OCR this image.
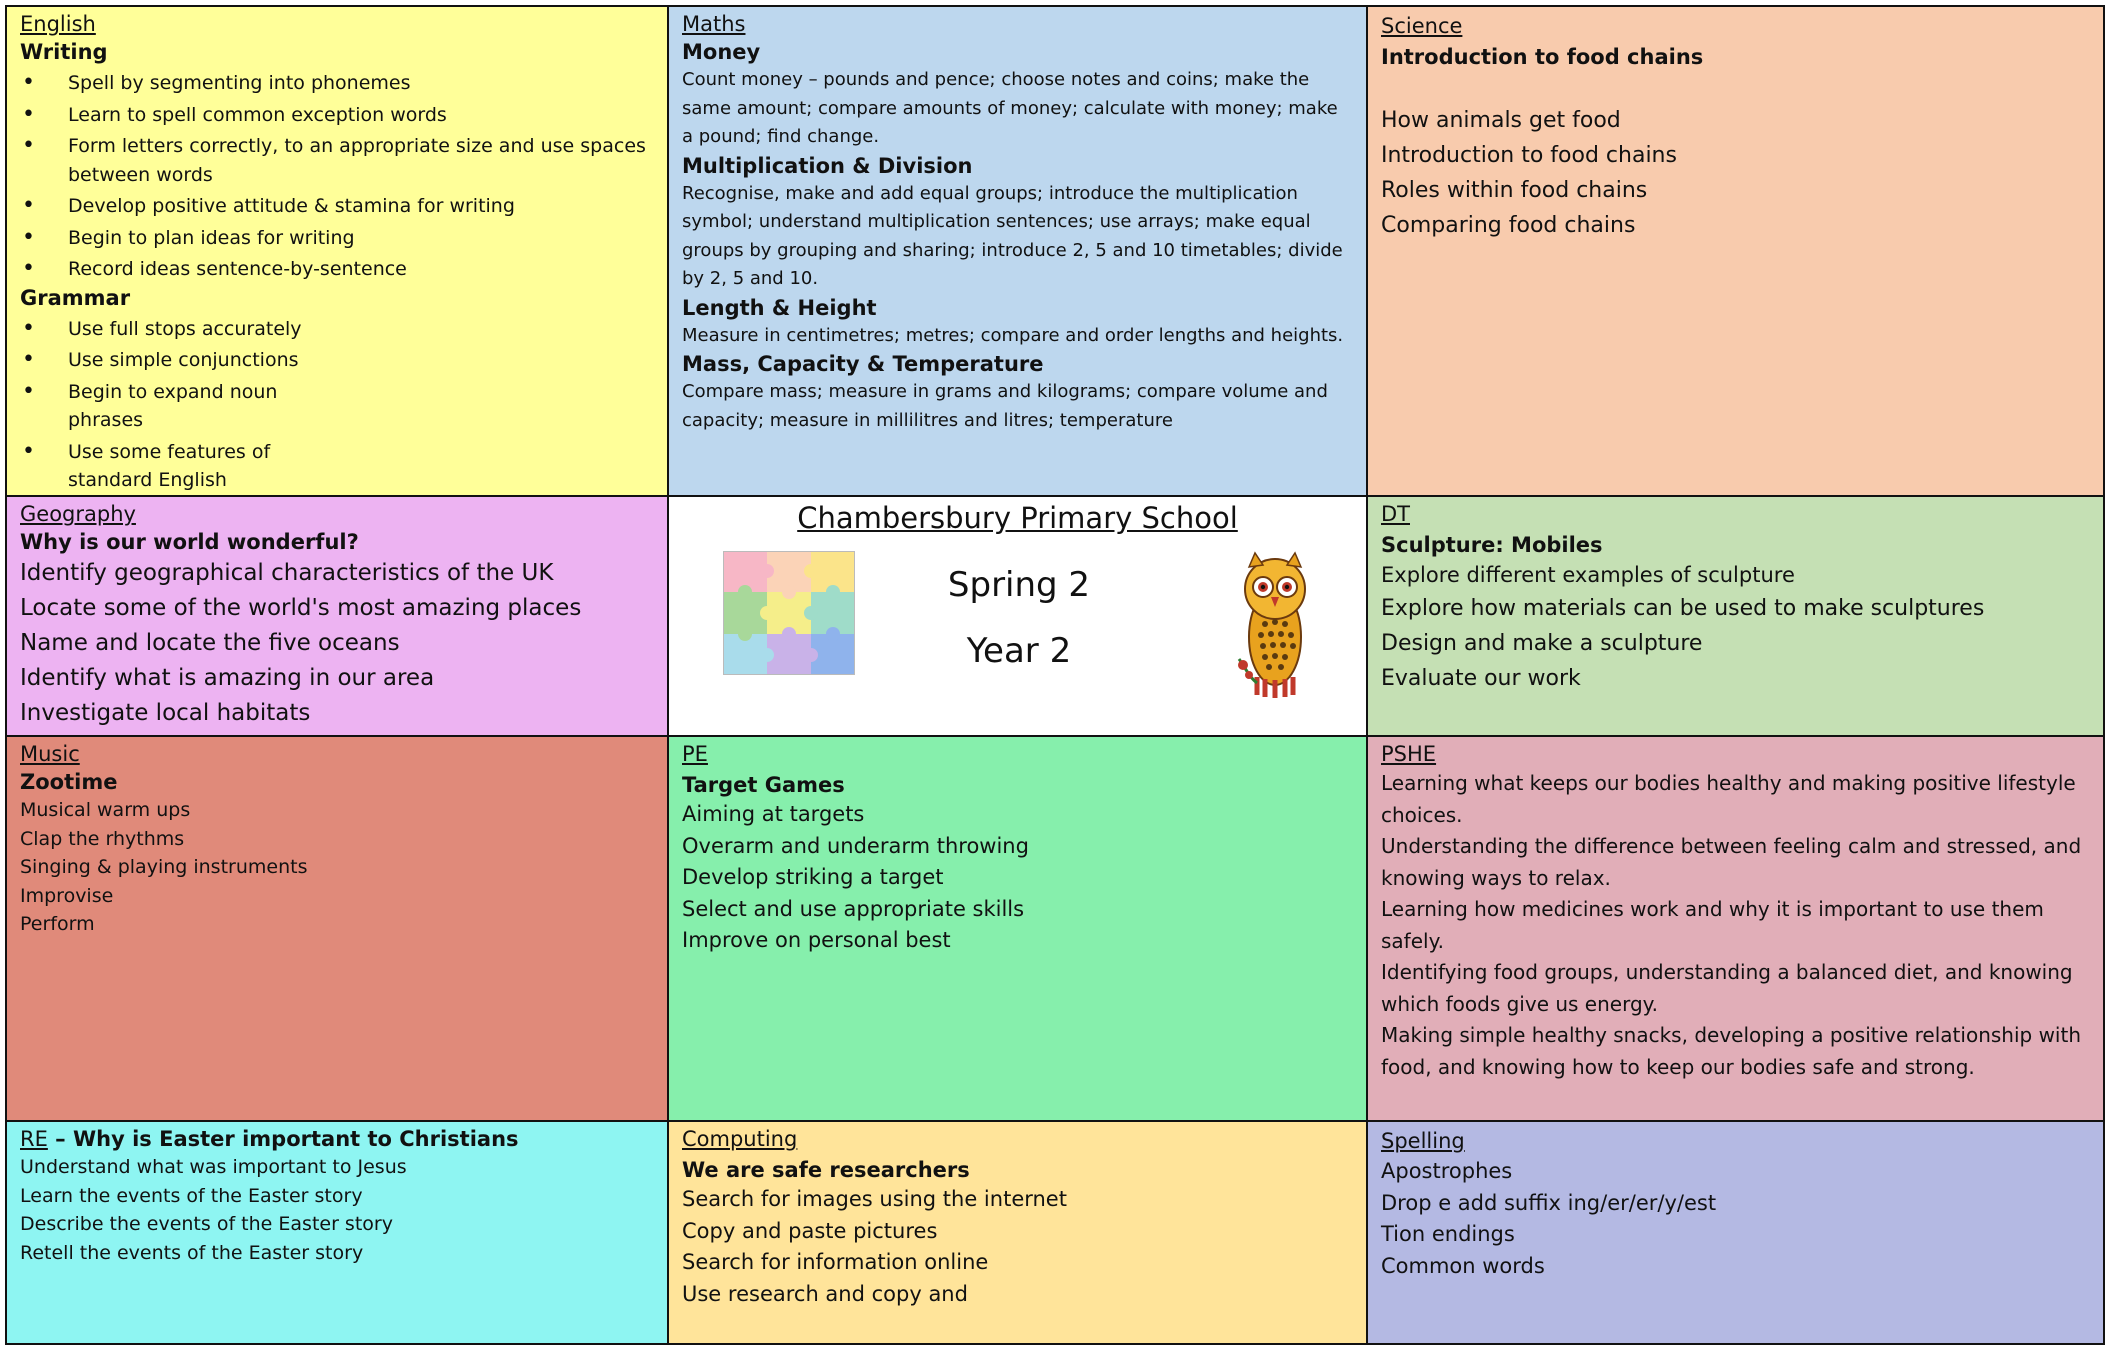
English
Writing
• Spell by segmenting into phonemes
• Learn to spell common exception words
• Form letters correctly, to an appropriate size and use spaces between words
• Develop positive attitude & stamina for writing
• Begin to plan ideas for writing
• Record ideas sentence-by-sentence
Grammar
• Use full stops accurately
• Use simple conjunctions
• Begin to expand noun phrases
• Use some features of standard English
Maths
Money
Count money – pounds and pence; choose notes and coins; make the same amount; compare amounts of money; calculate with money; make a pound; find change.
Multiplication & Division
Recognise, make and add equal groups; introduce the multiplication symbol; understand multiplication sentences; use arrays; make equal groups by grouping and sharing; introduce 2, 5 and 10 timetables; divide by 2, 5 and 10.
Length & Height
Measure in centimetres; metres; compare and order lengths and heights.
Mass, Capacity & Temperature
Compare mass; measure in grams and kilograms; compare volume and capacity; measure in millilitres and litres; temperature
Science
Introduction to food chains
How animals get food
Introduction to food chains
Roles within food chains
Comparing food chains
Geography
Why is our world wonderful?
Identify geographical characteristics of the UK
Locate some of the world's most amazing places
Name and locate the five oceans
Identify what is amazing in our area
Investigate local habitats
Chambersbury Primary School
Spring 2
Year 2
DT
Sculpture: Mobiles
Explore different examples of sculpture
Explore how materials can be used to make sculptures
Design and make a sculpture
Evaluate our work
Music
Zootime
Musical warm ups
Clap the rhythms
Singing & playing instruments
Improvise
Perform
PE
Target Games
Aiming at targets
Overarm and underarm throwing
Develop striking a target
Select and use appropriate skills
Improve on personal best
PSHE
Learning what keeps our bodies healthy and making positive lifestyle choices.
Understanding the difference between feeling calm and stressed, and knowing ways to relax.
Learning how medicines work and why it is important to use them safely.
Identifying food groups, understanding a balanced diet, and knowing which foods give us energy.
Making simple healthy snacks, developing a positive relationship with food, and knowing how to keep our bodies safe and strong.
RE – Why is Easter important to Christians
Understand what was important to Jesus
Learn the events of the Easter story
Describe the events of the Easter story
Retell the events of the Easter story
Computing
We are safe researchers
Search for images using the internet
Copy and paste pictures
Search for information online
Use research and copy and
Spelling
Apostrophes
Drop e add suffix ing/er/er/y/est
Tion endings
Common words
